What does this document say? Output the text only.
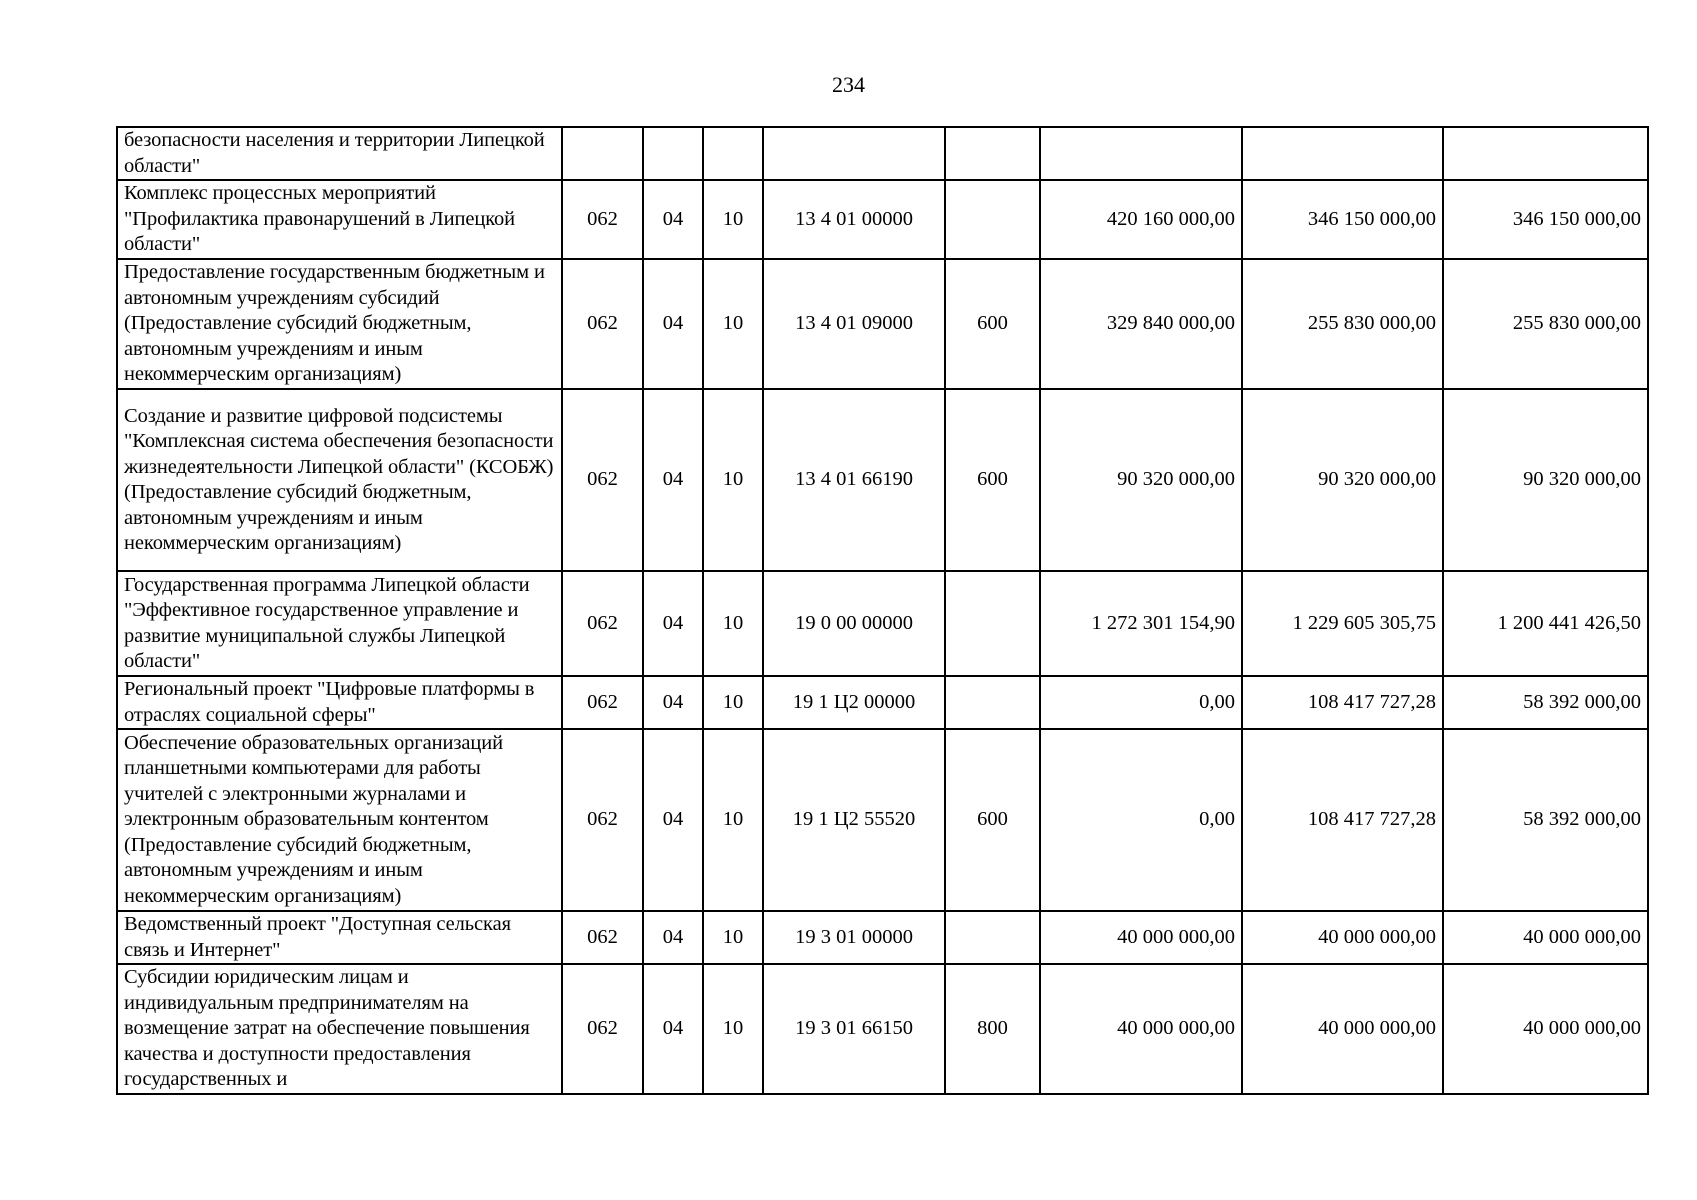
234
безопасности населения и территории Липецкой области"								
Комплекс процессных мероприятий "Профилактика правонарушений в Липецкой области"	062	04	10	13 4 01 00000		420 160 000,00	346 150 000,00	346 150 000,00
Предоставление государственным бюджетным и автономным учреждениям субсидий (Предоставление субсидий бюджетным, автономным учреждениям и иным некоммерческим организациям)	062	04	10	13 4 01 09000	600	329 840 000,00	255 830 000,00	255 830 000,00
Создание и развитие цифровой подсистемы "Комплексная система обеспечения безопасности жизнедеятельности Липецкой области" (КСОБЖ) (Предоставление субсидий бюджетным, автономным учреждениям и иным некоммерческим организациям)	062	04	10	13 4 01 66190	600	90 320 000,00	90 320 000,00	90 320 000,00
Государственная программа Липецкой области "Эффективное государственное управление и развитие муниципальной службы Липецкой области"	062	04	10	19 0 00 00000		1 272 301 154,90	1 229 605 305,75	1 200 441 426,50
Региональный проект "Цифровые платформы в отраслях социальной сферы"	062	04	10	19 1 Ц2 00000		0,00	108 417 727,28	58 392 000,00
Обеспечение образовательных организаций планшетными компьютерами для работы учителей с электронными журналами и электронным образовательным контентом (Предоставление субсидий бюджетным, автономным учреждениям и иным некоммерческим организациям)	062	04	10	19 1 Ц2 55520	600	0,00	108 417 727,28	58 392 000,00
Ведомственный проект "Доступная сельская связь и Интернет"	062	04	10	19 3 01 00000		40 000 000,00	40 000 000,00	40 000 000,00
Субсидии юридическим лицам и индивидуальным предпринимателям на возмещение затрат на обеспечение повышения качества и доступности предоставления государственных и	062	04	10	19 3 01 66150	800	40 000 000,00	40 000 000,00	40 000 000,00
